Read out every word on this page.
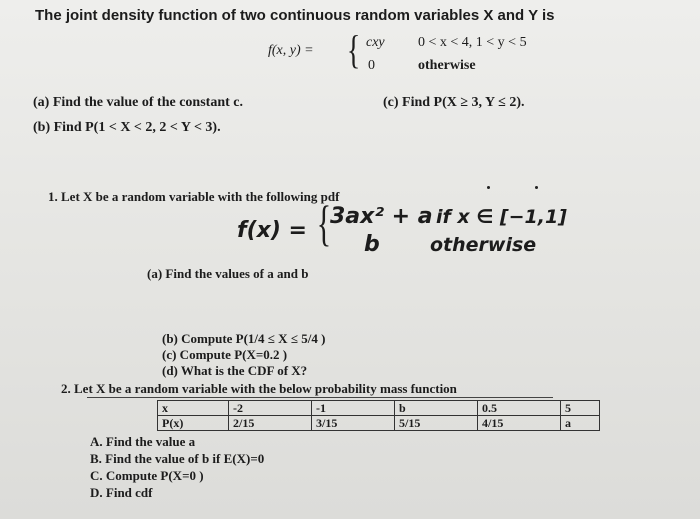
The joint density function of two continuous random variables X and Y is
f(x, y) = { cxy 0 < x < 4, 1 < y < 5
0	otherwise
(a) Find the value of the constant c.	(c) Find P(X ≥ 3, Y ≤ 2).
(b) Find P(1 < X < 2, 2 < Y < 3).
1. Let X be a random variable with the following pdf
f(x) = {
3ax² + a if x ∈ [−1,1]
b	otherwise
(a) Find the values of a and b
(b) Compute P(1/4 ≤ X ≤ 5/4 )
(c) Compute P(X=0.2 )
(d) What is the CDF of X?
2. Let X be a random variable with the below probability mass function
x	-2	-1	b	0.5	5
P(x)	2/15	3/15	5/15	4/15	a
A. Find the value a
B. Find the value of b if E(X)=0
C. Compute P(X=0 )
D. Find cdf
